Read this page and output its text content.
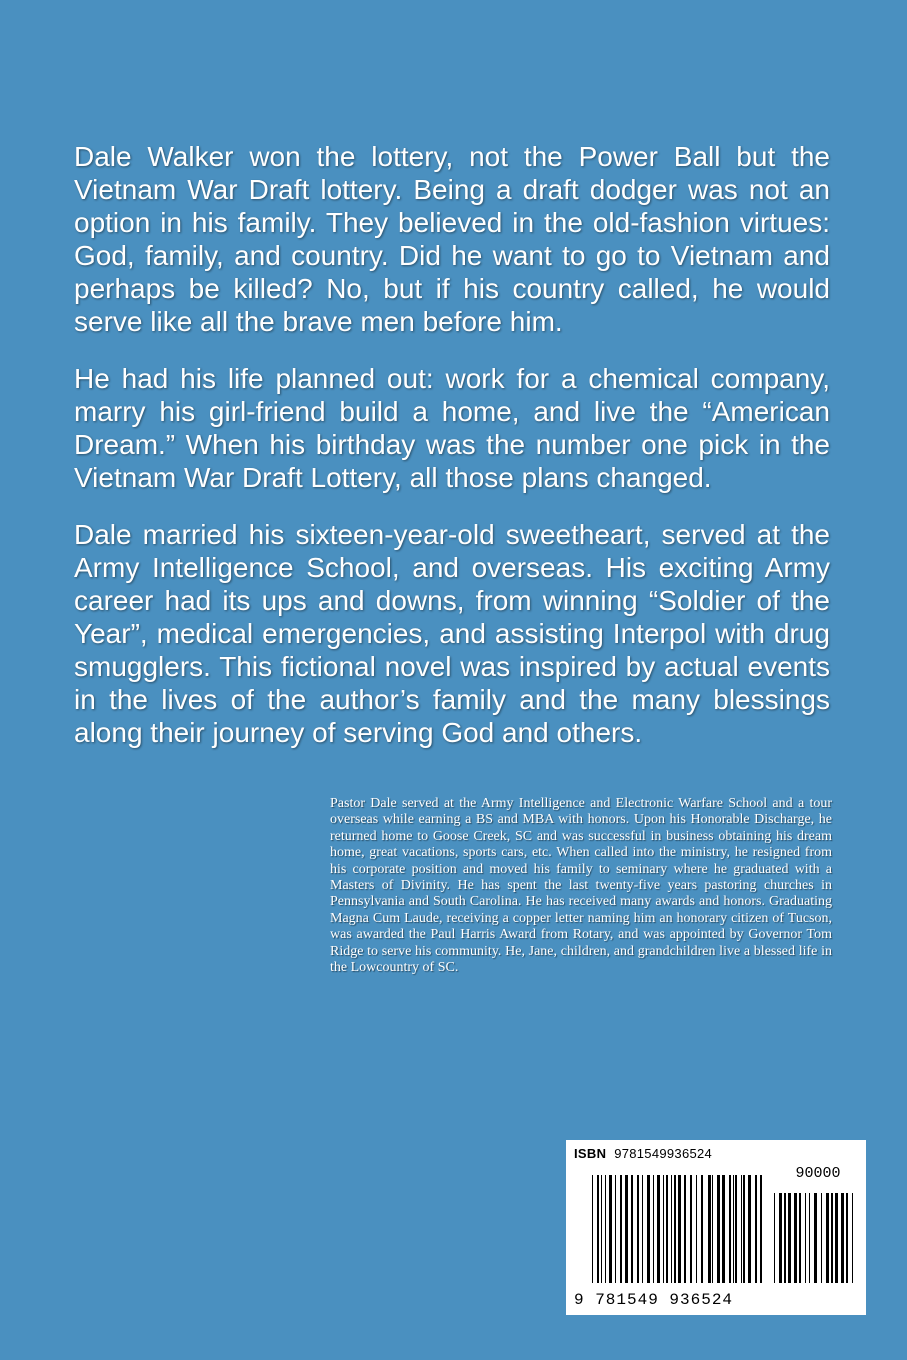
Dale Walker won the lottery, not the Power Ball but the Vietnam War Draft lottery. Being a draft dodger was not an option in his family. They believed in the old-fashion virtues: God, family, and country. Did he want to go to Vietnam and perhaps be killed? No, but if his country called, he would serve like all the brave men before him.

He had his life planned out: work for a chemical company, marry his girl-friend build a home, and live the “American Dream.” When his birthday was the number one pick in the Vietnam War Draft Lottery, all those plans changed.

Dale married his sixteen-year-old sweetheart, served at the Army Intelligence School, and overseas. His exciting Army career had its ups and downs, from winning “Soldier of the Year”, medical emergencies, and assisting Interpol with drug smugglers. This fictional novel was inspired by actual events in the lives of the author’s family and the many blessings along their journey of serving God and others.

Pastor Dale served at the Army Intelligence and Electronic Warfare School and a tour overseas while earning a BS and MBA with honors. Upon his Honorable Discharge, he returned home to Goose Creek, SC and was successful in business obtaining his dream home, great vacations, sports cars, etc. When called into the ministry, he resigned from his corporate position and moved his family to seminary where he graduated with a Masters of Divinity. He has spent the last twenty-five years pastoring churches in Pennsylvania and South Carolina. He has received many awards and honors. Graduating Magna Cum Laude, receiving a copper letter naming him an honorary citizen of Tucson, was awarded the Paul Harris Award from Rotary, and was appointed by Governor Tom Ridge to serve his community. He, Jane, children, and grandchildren live a blessed life in the Lowcountry of SC.
ISBN 9781549936524
90000
9 781549 936524
